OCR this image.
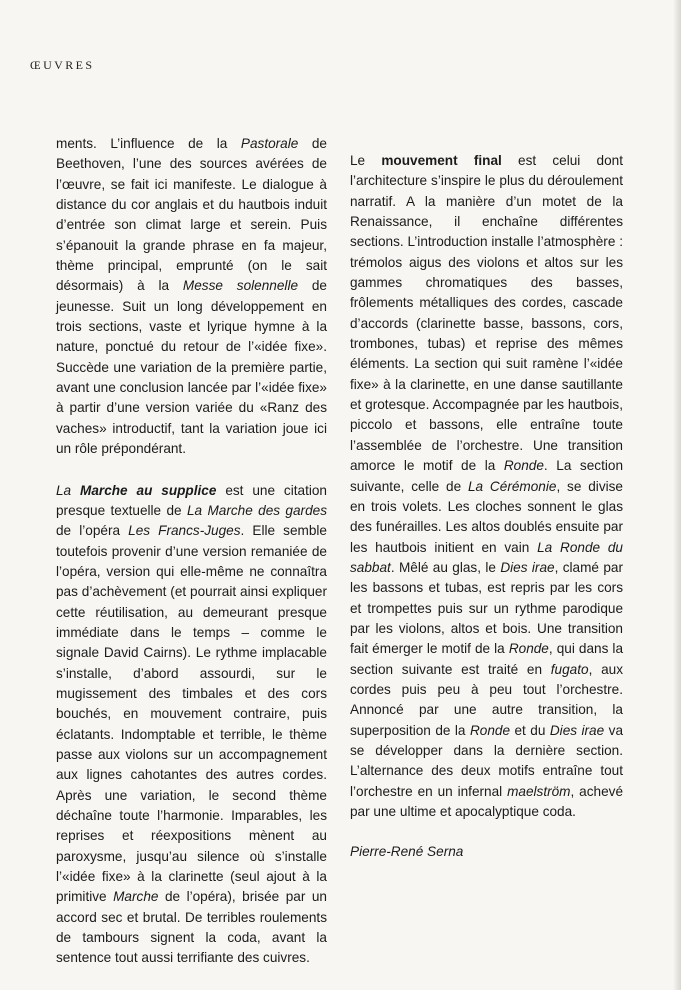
ŒUVRES

ments. L’influence de la Pastorale de Beethoven, l’une des sources avérées de l’œuvre, se fait ici manifeste. Le dialogue à distance du cor anglais et du hautbois induit d’entrée son climat large et serein. Puis s’épanouit la grande phrase en fa majeur, thème principal, emprunté (on le sait désormais) à la Messe solennelle de jeunesse. Suit un long développement en trois sections, vaste et lyrique hymne à la nature, ponctué du retour de l’«idée fixe». Succède une variation de la première partie, avant une conclusion lancée par l’«idée fixe» à partir d’une version variée du «Ranz des vaches» introductif, tant la variation joue ici un rôle prépondérant.

La Marche au supplice est une citation presque textuelle de La Marche des gardes de l’opéra Les Francs-Juges. Elle semble toutefois provenir d’une version remaniée de l’opéra, version qui elle-même ne connaîtra pas d’achèvement (et pourrait ainsi expliquer cette réutilisation, au demeurant presque immédiate dans le temps – comme le signale David Cairns). Le rythme implacable s’installe, d’abord assourdi, sur le mugissement des timbales et des cors bouchés, en mouvement contraire, puis éclatants. Indomptable et terrible, le thème passe aux violons sur un accompagnement aux lignes cahotantes des autres cordes. Après une variation, le second thème déchaîne toute l’harmonie. Imparables, les reprises et réexpositions mènent au paroxysme, jusqu’au silence où s’installe l’«idée fixe» à la clarinette (seul ajout à la primitive Marche de l’opéra), brisée par un accord sec et brutal. De terribles roulements de tambours signent la coda, avant la sentence tout aussi terrifiante des cuivres.

Le mouvement final est celui dont l’architecture s’inspire le plus du déroulement narratif. A la manière d’un motet de la Renaissance, il enchaîne différentes sections. L’introduction installe l’atmosphère : trémolos aigus des violons et altos sur les gammes chromatiques des basses, frôlements métalliques des cordes, cascade d’accords (clarinette basse, bassons, cors, trombones, tubas) et reprise des mêmes éléments. La section qui suit ramène l’«idée fixe» à la clarinette, en une danse sautillante et grotesque. Accompagnée par les hautbois, piccolo et bassons, elle entraîne toute l’assemblée de l’orchestre. Une transition amorce le motif de la Ronde. La section suivante, celle de La Cérémonie, se divise en trois volets. Les cloches sonnent le glas des funérailles. Les altos doublés ensuite par les hautbois initient en vain La Ronde du sabbat. Mêlé au glas, le Dies irae, clamé par les bassons et tubas, est repris par les cors et trompettes puis sur un rythme parodique par les violons, altos et bois. Une transition fait émerger le motif de la Ronde, qui dans la section suivante est traité en fugato, aux cordes puis peu à peu tout l’orchestre. Annoncé par une autre transition, la superposition de la Ronde et du Dies irae va se développer dans la dernière section. L’alternance des deux motifs entraîne tout l’orchestre en un infernal maelström, achevé par une ultime et apocalyptique coda.

Pierre-René Serna
